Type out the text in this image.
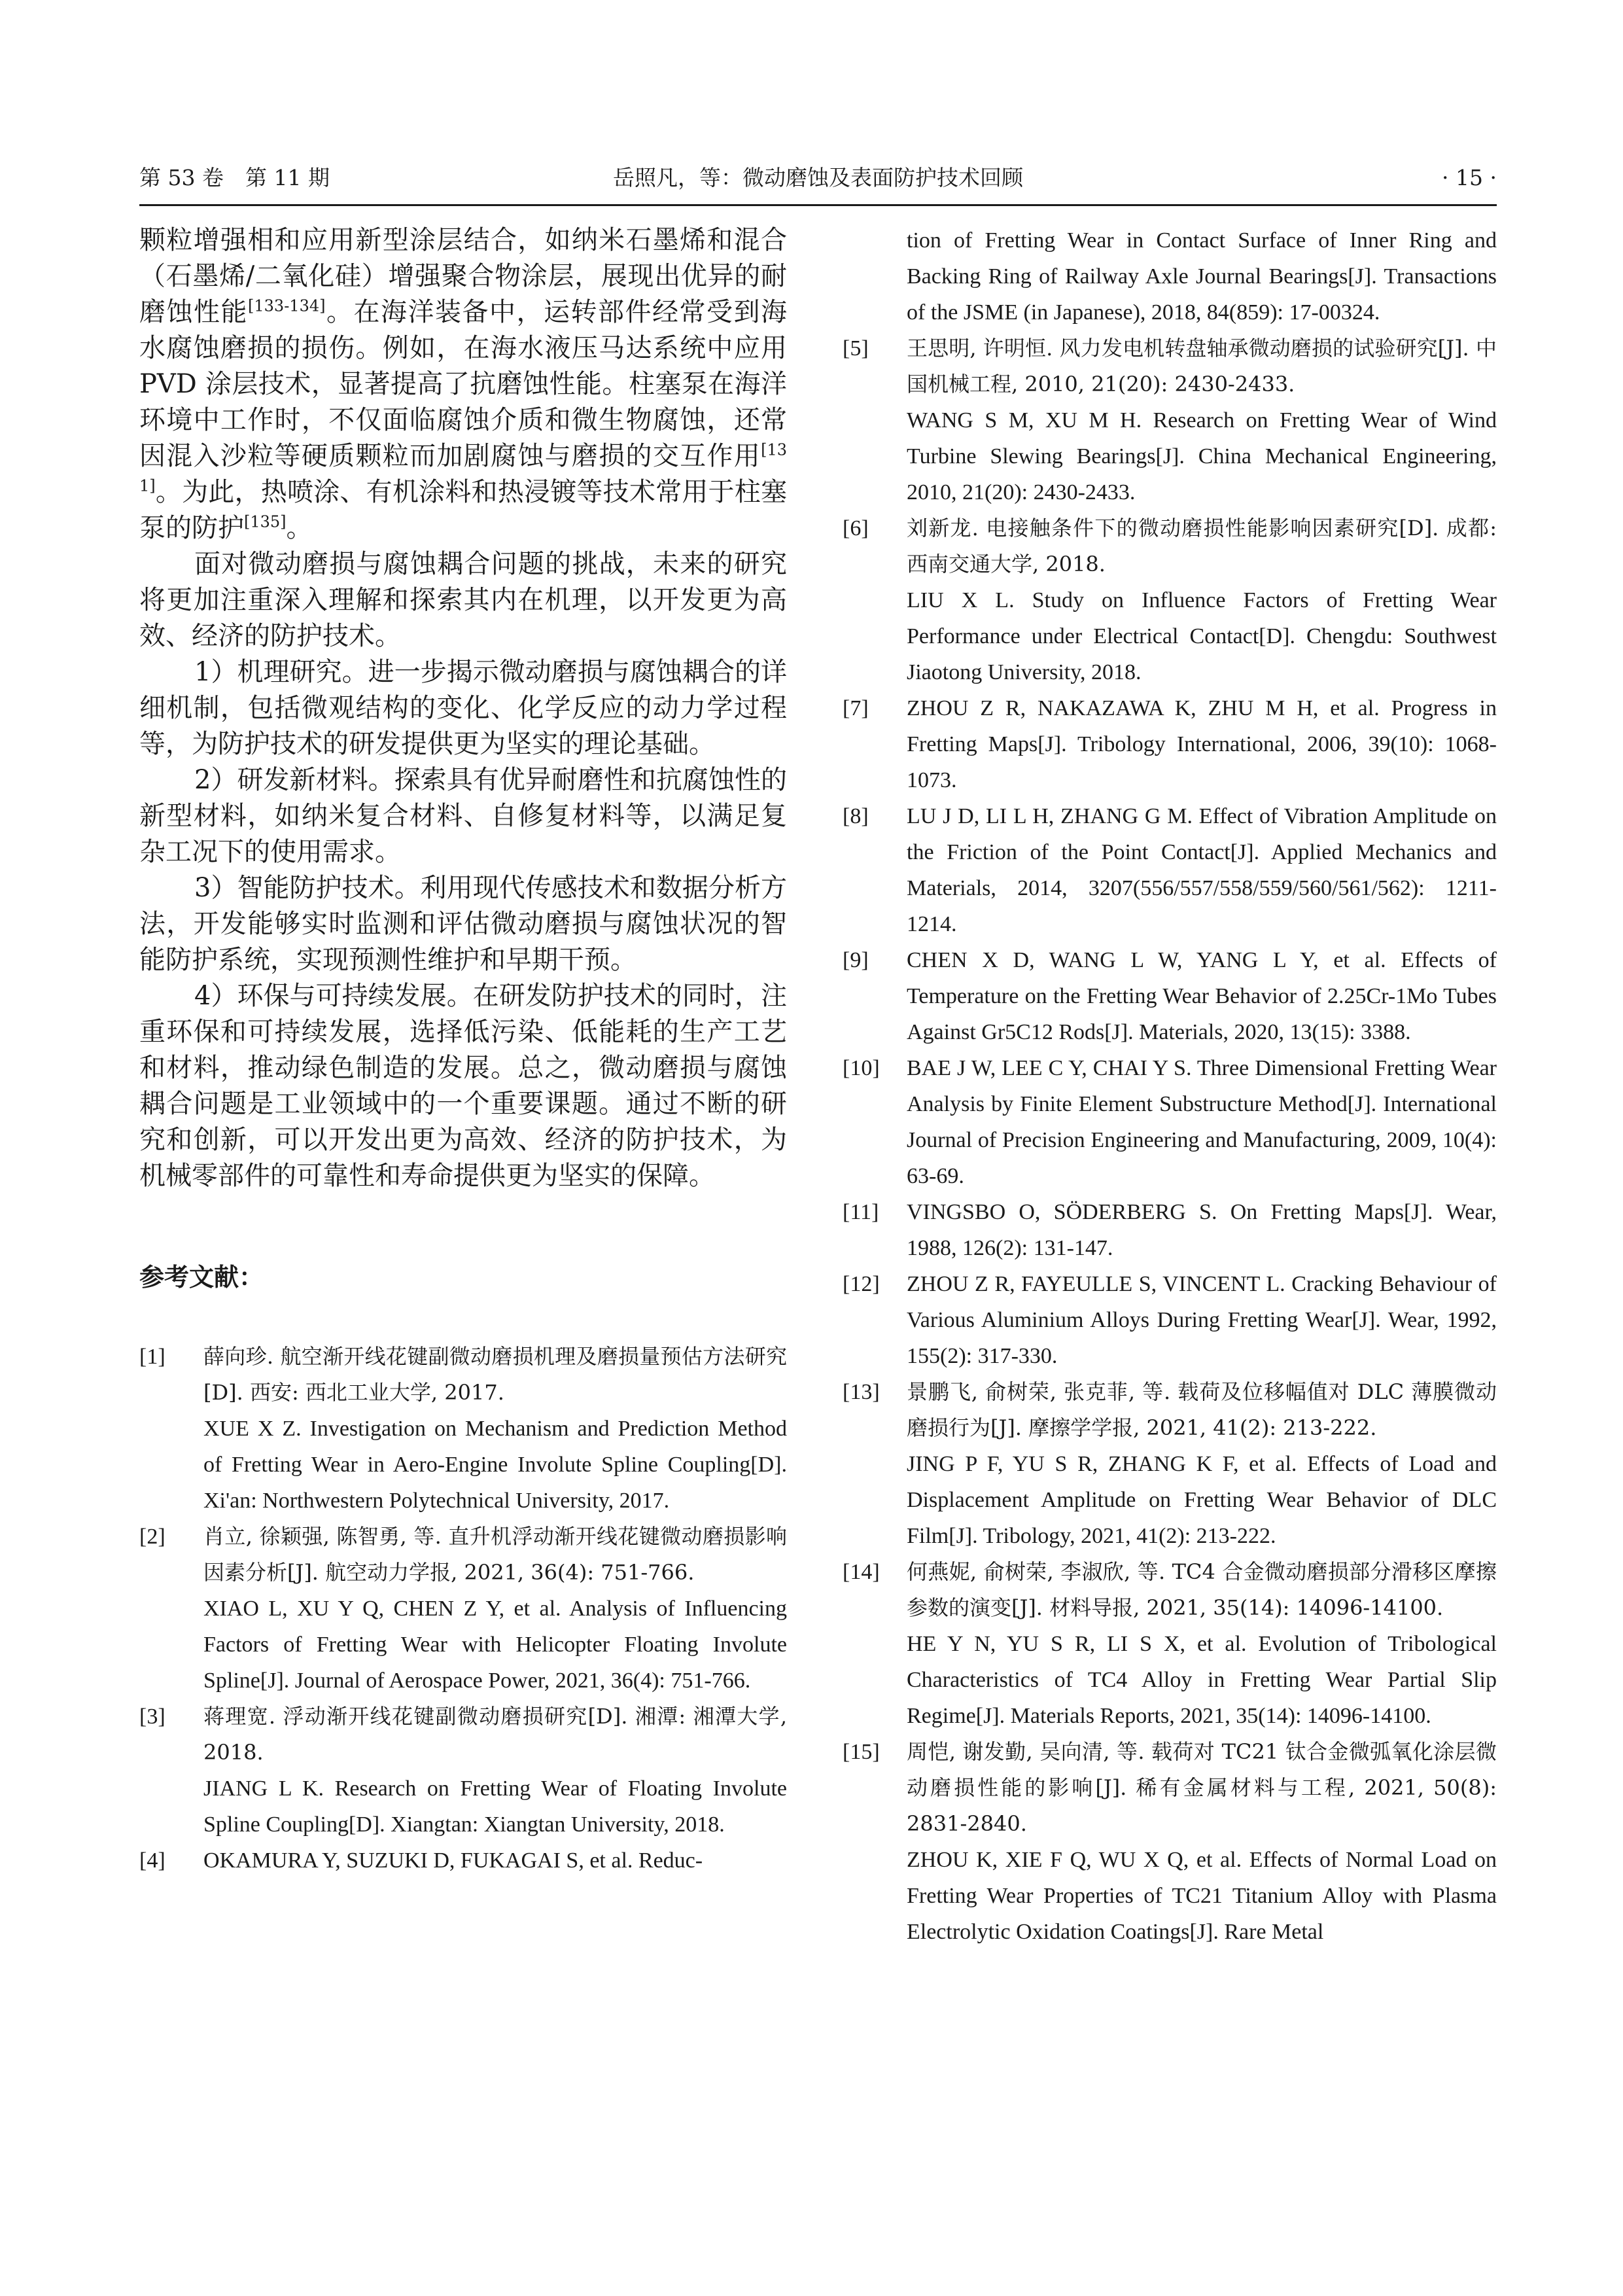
第 53 卷　第 11 期	岳照凡，等：微动磨蚀及表面防护技术回顾	· 15 ·

颗粒增强相和应用新型涂层结合，如纳米石墨烯和混合（石墨烯/二氧化硅）增强聚合物涂层，展现出优异的耐磨蚀性能[133-134]。在海洋装备中，运转部件经常受到海水腐蚀磨损的损伤。例如，在海水液压马达系统中应用 PVD 涂层技术，显著提高了抗磨蚀性能。柱塞泵在海洋环境中工作时，不仅面临腐蚀介质和微生物腐蚀，还常因混入沙粒等硬质颗粒而加剧腐蚀与磨损的交互作用[131]。为此，热喷涂、有机涂料和热浸镀等技术常用于柱塞泵的防护[135]。

面对微动磨损与腐蚀耦合问题的挑战，未来的研究将更加注重深入理解和探索其内在机理，以开发更为高效、经济的防护技术。

1）机理研究。进一步揭示微动磨损与腐蚀耦合的详细机制，包括微观结构的变化、化学反应的动力学过程等，为防护技术的研发提供更为坚实的理论基础。

2）研发新材料。探索具有优异耐磨性和抗腐蚀性的新型材料，如纳米复合材料、自修复材料等，以满足复杂工况下的使用需求。

3）智能防护技术。利用现代传感技术和数据分析方法，开发能够实时监测和评估微动磨损与腐蚀状况的智能防护系统，实现预测性维护和早期干预。

4）环保与可持续发展。在研发防护技术的同时，注重环保和可持续发展，选择低污染、低能耗的生产工艺和材料，推动绿色制造的发展。总之，微动磨损与腐蚀耦合问题是工业领域中的一个重要课题。通过不断的研究和创新，可以开发出更为高效、经济的防护技术，为机械零部件的可靠性和寿命提供更为坚实的保障。

参考文献：
[1] 薛向珍. 航空渐开线花键副微动磨损机理及磨损量预估方法研究[D]. 西安: 西北工业大学, 2017.
XUE X Z. Investigation on Mechanism and Prediction Method of Fretting Wear in Aero-Engine Involute Spline Coupling[D]. Xi'an: Northwestern Polytechnical University, 2017.
[2] 肖立, 徐颖强, 陈智勇, 等. 直升机浮动渐开线花键微动磨损影响因素分析[J]. 航空动力学报, 2021, 36(4): 751-766.
XIAO L, XU Y Q, CHEN Z Y, et al. Analysis of Influencing Factors of Fretting Wear with Helicopter Floating Involute Spline[J]. Journal of Aerospace Power, 2021, 36(4): 751-766.
[3] 蒋理宽. 浮动渐开线花键副微动磨损研究[D]. 湘潭: 湘潭大学, 2018.
JIANG L K. Research on Fretting Wear of Floating Involute Spline Coupling[D]. Xiangtan: Xiangtan University, 2018.
[4] OKAMURA Y, SUZUKI D, FUKAGAI S, et al. Reduc-
tion of Fretting Wear in Contact Surface of Inner Ring and Backing Ring of Railway Axle Journal Bearings[J]. Transactions of the JSME (in Japanese), 2018, 84(859): 17-00324.
[5] 王思明, 许明恒. 风力发电机转盘轴承微动磨损的试验研究[J]. 中国机械工程, 2010, 21(20): 2430-2433.
WANG S M, XU M H. Research on Fretting Wear of Wind Turbine Slewing Bearings[J]. China Mechanical Engineering, 2010, 21(20): 2430-2433.
[6] 刘新龙. 电接触条件下的微动磨损性能影响因素研究[D]. 成都: 西南交通大学, 2018.
LIU X L. Study on Influence Factors of Fretting Wear Performance under Electrical Contact[D]. Chengdu: Southwest Jiaotong University, 2018.
[7] ZHOU Z R, NAKAZAWA K, ZHU M H, et al. Progress in Fretting Maps[J]. Tribology International, 2006, 39(10): 1068-1073.
[8] LU J D, LI L H, ZHANG G M. Effect of Vibration Amplitude on the Friction of the Point Contact[J]. Applied Mechanics and Materials, 2014, 3207(556/557/558/559/560/561/562): 1211-1214.
[9] CHEN X D, WANG L W, YANG L Y, et al. Effects of Temperature on the Fretting Wear Behavior of 2.25Cr-1Mo Tubes Against Gr5C12 Rods[J]. Materials, 2020, 13(15): 3388.
[10] BAE J W, LEE C Y, CHAI Y S. Three Dimensional Fretting Wear Analysis by Finite Element Substructure Method[J]. International Journal of Precision Engineering and Manufacturing, 2009, 10(4): 63-69.
[11] VINGSBO O, SÖDERBERG S. On Fretting Maps[J]. Wear, 1988, 126(2): 131-147.
[12] ZHOU Z R, FAYEULLE S, VINCENT L. Cracking Behaviour of Various Aluminium Alloys During Fretting Wear[J]. Wear, 1992, 155(2): 317-330.
[13] 景鹏飞, 俞树荣, 张克菲, 等. 载荷及位移幅值对 DLC 薄膜微动磨损行为[J]. 摩擦学学报, 2021, 41(2): 213-222.
JING P F, YU S R, ZHANG K F, et al. Effects of Load and Displacement Amplitude on Fretting Wear Behavior of DLC Film[J]. Tribology, 2021, 41(2): 213-222.
[14] 何燕妮, 俞树荣, 李淑欣, 等. TC4 合金微动磨损部分滑移区摩擦参数的演变[J]. 材料导报, 2021, 35(14): 14096-14100.
HE Y N, YU S R, LI S X, et al. Evolution of Tribological Characteristics of TC4 Alloy in Fretting Wear Partial Slip Regime[J]. Materials Reports, 2021, 35(14): 14096-14100.
[15] 周恺, 谢发勤, 吴向清, 等. 载荷对 TC21 钛合金微弧氧化涂层微动磨损性能的影响[J]. 稀有金属材料与工程, 2021, 50(8): 2831-2840.
ZHOU K, XIE F Q, WU X Q, et al. Effects of Normal Load on Fretting Wear Properties of TC21 Titanium Alloy with Plasma Electrolytic Oxidation Coatings[J]. Rare Metal
